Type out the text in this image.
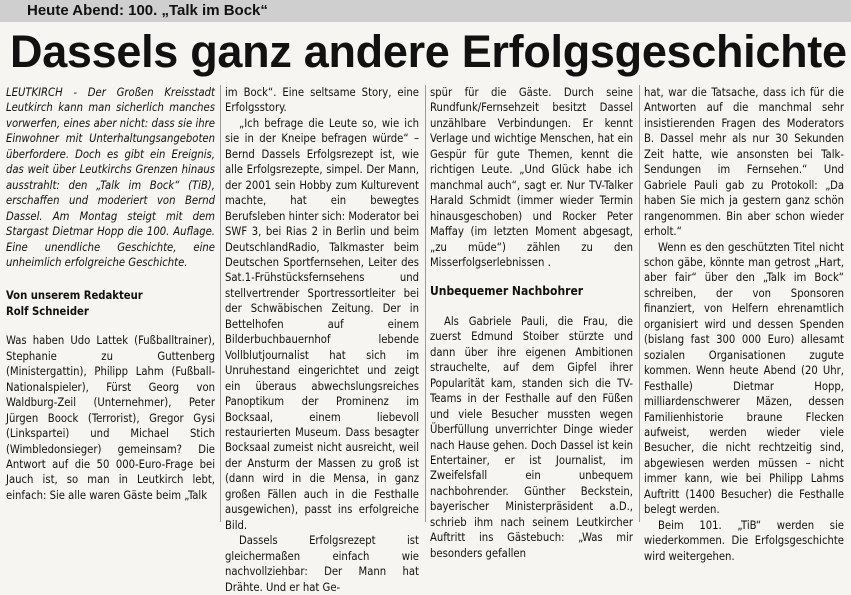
Heute Abend: 100. „Talk im Bock“
Dassels ganz andere Erfolgsgeschichte

LEUTKIRCH - Der Großen Kreisstadt Leutkirch kann man sicherlich manches vorwerfen, eines aber nicht: dass sie ihre Einwohner mit Unterhaltungsangeboten überfordere. Doch es gibt ein Ereignis, das weit über Leutkirchs Grenzen hinaus ausstrahlt: den „Talk im Bock“ (TiB), erschaffen und moderiert von Bernd Dassel. Am Montag steigt mit dem Stargast Dietmar Hopp die 100. Auflage. Eine unendliche Geschichte, eine unheimlich erfolgreiche Geschichte.

Von unserem Redakteur
Rolf Schneider

Was haben Udo Lattek (Fußballtrainer), Stephanie zu Guttenberg (Ministergattin), Philipp Lahm (Fußball-Nationalspieler), Fürst Georg von Waldburg-Zeil (Unternehmer), Peter Jürgen Boock (Terrorist), Gregor Gysi (Linkspartei) und Michael Stich (Wimbledonsieger) gemeinsam? Die Antwort auf die 50 000-Euro-Frage bei Jauch ist, so man in Leutkirch lebt, einfach: Sie alle waren Gäste beim „Talk

im Bock“. Eine seltsame Story, eine Erfolgsstory.

„Ich befrage die Leute so, wie ich sie in der Kneipe befragen würde“ – Bernd Dassels Erfolgsrezept ist, wie alle Erfolgsrezepte, simpel. Der Mann, der 2001 sein Hobby zum Kulturevent machte, hat ein bewegtes Berufsleben hinter sich: Moderator bei SWF 3, bei Rias 2 in Berlin und beim DeutschlandRadio, Talkmaster beim Deutschen Sportfernsehen, Leiter des Sat.1-Frühstücksfernsehens und stellvertrender Sportressortleiter bei der Schwäbischen Zeitung. Der in Bettelhofen auf einem Bilderbuchbauernhof lebende Vollblutjournalist hat sich im Unruhestand eingerichtet und zeigt ein überaus abwechslungsreiches Panoptikum der Prominenz im Bocksaal, einem liebevoll restaurierten Museum. Dass besagter Bocksaal zumeist nicht ausreicht, weil der Ansturm der Massen zu groß ist (dann wird in die Mensa, in ganz großen Fällen auch in die Festhalle ausgewichen), passt ins erfolgreiche Bild.

Dassels Erfolgsrezept ist gleichermaßen einfach wie nachvollziehbar: Der Mann hat Drähte. Und er hat Ge-

spür für die Gäste. Durch seine Rundfunk/Fernsehzeit besitzt Dassel unzählbare Verbindungen. Er kennt Verlage und wichtige Menschen, hat ein Gespür für gute Themen, kennt die richtigen Leute. „Und Glück habe ich manchmal auch“, sagt er. Nur TV-Talker Harald Schmidt (immer wieder Termin hinausgeschoben) und Rocker Peter Maffay (im letzten Moment abgesagt, „zu müde“) zählen zu den Misserfolgserlebnissen .

Unbequemer Nachbohrer

Als Gabriele Pauli, die Frau, die zuerst Edmund Stoiber stürzte und dann über ihre eigenen Ambitionen strauchelte, auf dem Gipfel ihrer Popularität kam, standen sich die TV-Teams in der Festhalle auf den Füßen und viele Besucher mussten wegen Überfüllung unverrichter Dinge wieder nach Hause gehen. Doch Dassel ist kein Entertainer, er ist Journalist, im Zweifelsfall ein unbequem nachbohrender. Günther Beckstein, bayerischer Ministerpräsident a.D., schrieb ihm nach seinem Leutkircher Auftritt ins Gästebuch: „Was mir besonders gefallen

hat, war die Tatsache, dass ich für die Antworten auf die manchmal sehr insistierenden Fragen des Moderators B. Dassel mehr als nur 30 Sekunden Zeit hatte, wie ansonsten bei Talk-Sendungen im Fernsehen.“ Und Gabriele Pauli gab zu Protokoll: „Da haben Sie mich ja gestern ganz schön rangenommen. Bin aber schon wieder erholt.“

Wenn es den geschützten Titel nicht schon gäbe, könnte man getrost „Hart, aber fair“ über den „Talk im Bock“ schreiben, der von Sponsoren finanziert, von Helfern ehrenamtlich organisiert wird und dessen Spenden (bislang fast 300 000 Euro) allesamt sozialen Organisationen zugute kommen. Wenn heute Abend (20 Uhr, Festhalle) Dietmar Hopp, milliardenschwerer Mäzen, dessen Familienhistorie braune Flecken aufweist, werden wieder viele Besucher, die nicht rechtzeitig sind, abgewiesen werden müssen – nicht immer kann, wie bei Philipp Lahms Auftritt (1400 Besucher) die Festhalle belegt werden.

Beim 101. „TiB“ werden sie wiederkommen. Die Erfolgsgeschichte wird weitergehen.
